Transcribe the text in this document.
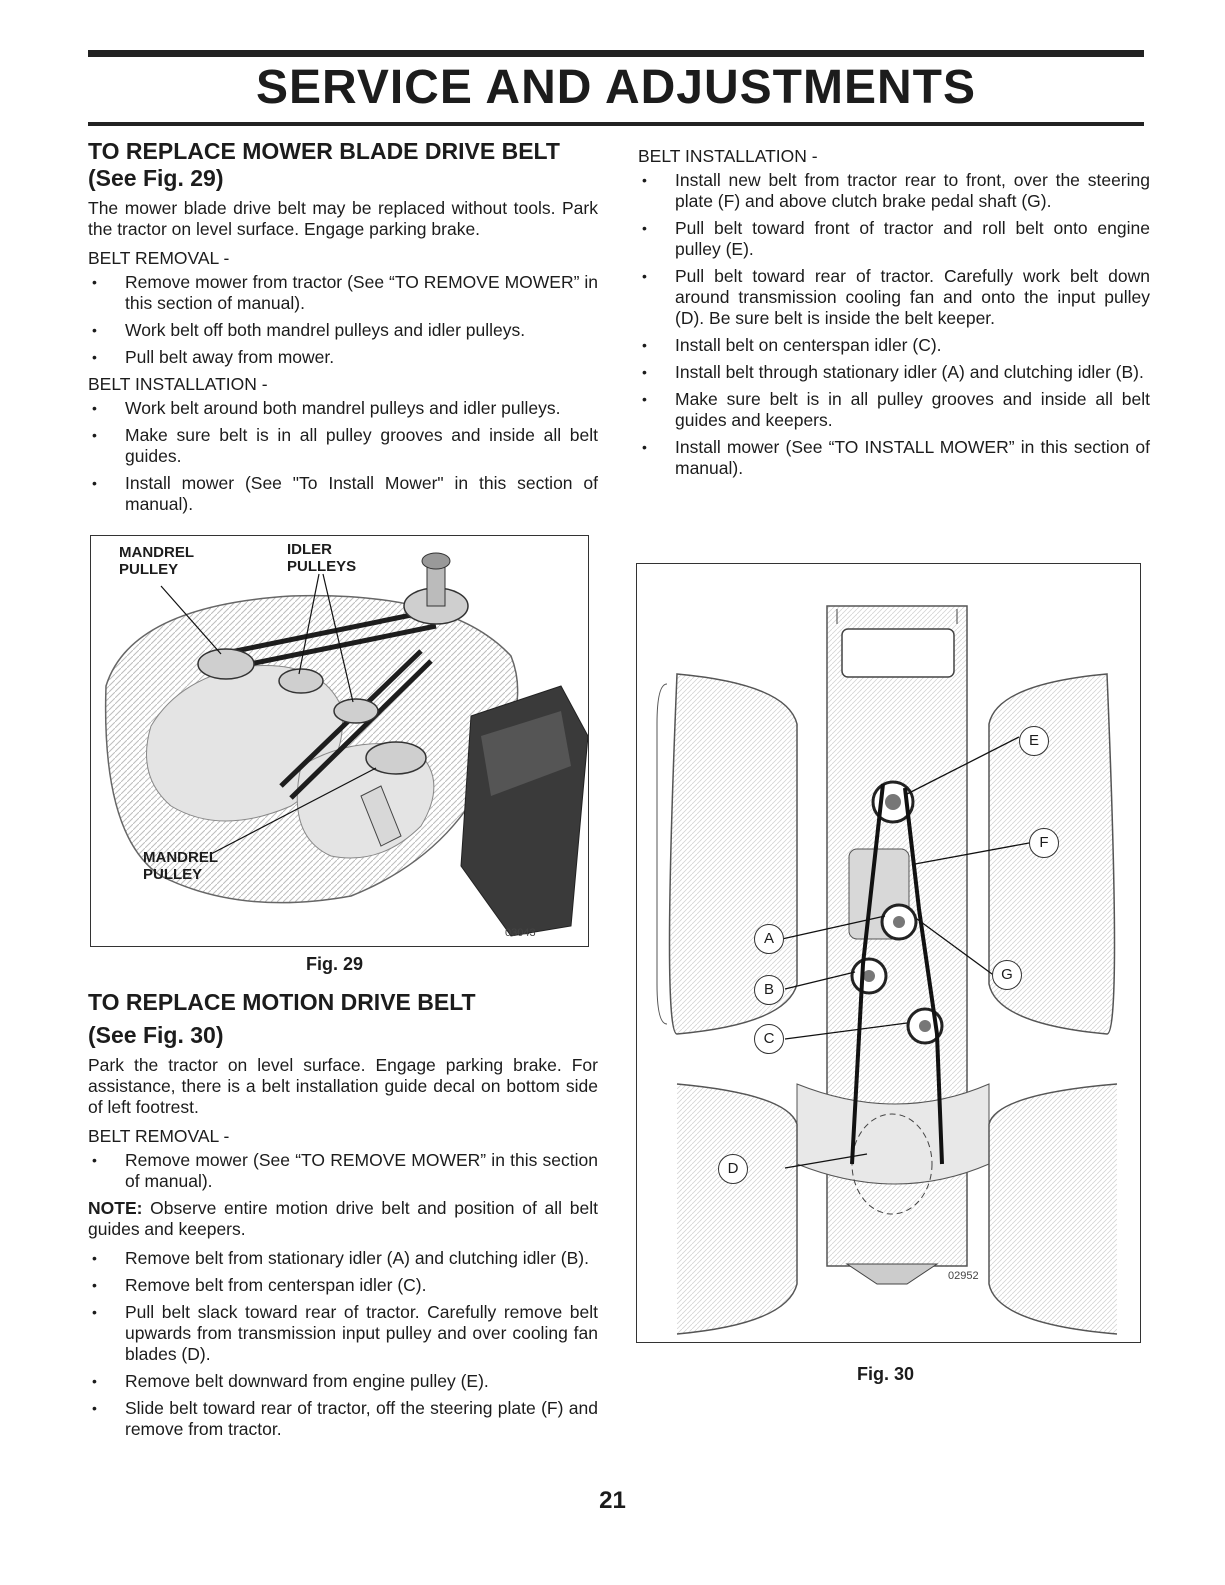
SERVICE AND ADJUSTMENTS
TO REPLACE MOWER BLADE DRIVE BELT
(See Fig. 29)

The mower blade drive belt may be replaced without tools. Park the tractor on level surface. Engage parking brake.

BELT REMOVAL -
• Remove mower from tractor (See “TO REMOVE MOWER” in this section of manual).
• Work belt off both mandrel pulleys and idler pulleys.
• Pull belt away from mower.
BELT INSTALLATION -
• Work belt around both mandrel pulleys and idler pulleys.
• Make sure belt is in all pulley grooves and inside all belt guides.
• Install mower (See "To Install Mower" in this section of manual).
MANDREL PULLEY
IDLER PULLEYS
MANDREL PULLEY
03043
Fig. 29
TO REPLACE MOTION DRIVE BELT
(See Fig. 30)

Park the tractor on level surface. Engage parking brake. For assistance, there is a belt installation guide decal on bottom side of left footrest.

BELT REMOVAL -
• Remove mower (See “TO REMOVE MOWER” in this section of manual).

NOTE: Observe entire motion drive belt and position of all belt guides and keepers.

• Remove belt from stationary idler (A) and clutching idler (B).
• Remove belt from centerspan idler (C).
• Pull belt slack toward rear of tractor. Carefully remove belt upwards from transmission input pulley and over cooling fan blades (D).
• Remove belt downward from engine pulley (E).
• Slide belt toward rear of tractor, off the steering plate (F) and remove from tractor.
BELT INSTALLATION -
• Install new belt from tractor rear to front, over the steering plate (F) and above clutch brake pedal shaft (G).
• Pull belt toward front of tractor and roll belt onto engine pulley (E).
• Pull belt toward rear of tractor. Carefully work belt down around transmission cooling fan and onto the input pulley (D). Be sure belt is inside the belt keeper.
• Install belt on centerspan idler (C).
• Install belt through stationary idler (A) and clutching idler (B).
• Make sure belt is in all pulley grooves and inside all belt guides and keepers.
• Install mower (See “TO INSTALL MOWER” in this section of manual).
E
F
A
B
G
C
D
02952
Fig. 30
21
